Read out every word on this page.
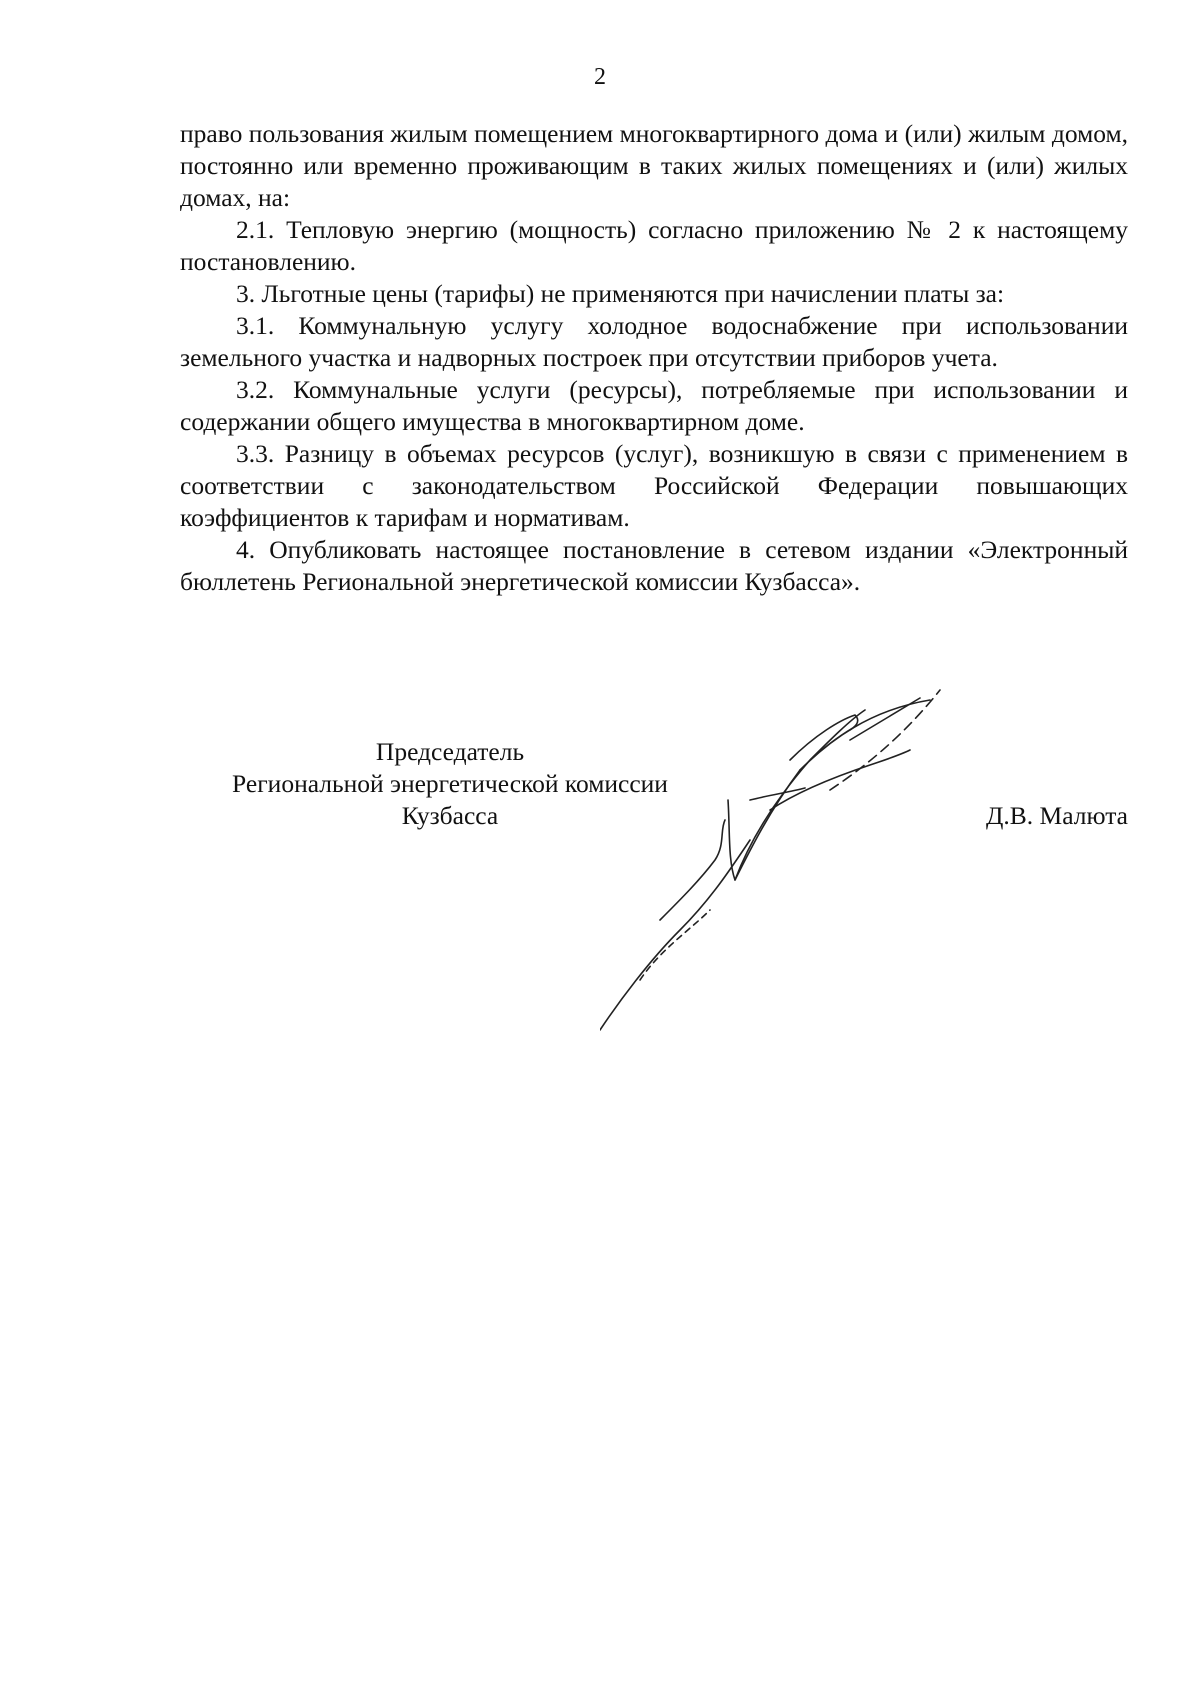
2

право пользования жилым помещением многоквартирного дома и (или) жилым домом, постоянно или временно проживающим в таких жилых помещениях и (или) жилых домах, на:

2.1. Тепловую энергию (мощность) согласно приложению № 2 к настоящему постановлению.

3. Льготные цены (тарифы) не применяются при начислении платы за:

3.1. Коммунальную услугу холодное водоснабжение при использовании земельного участка и надворных построек при отсутствии приборов учета.

3.2. Коммунальные услуги (ресурсы), потребляемые при использовании и содержании общего имущества в многоквартирном доме.

3.3. Разницу в объемах ресурсов (услуг), возникшую в связи с применением в соответствии с законодательством Российской Федерации повышающих коэффициентов к тарифам и нормативам.

4. Опубликовать настоящее постановление в сетевом издании «Электронный бюллетень Региональной энергетической комиссии Кузбасса».

Председатель
Региональной энергетической комиссии
Кузбасса	Д.В. Малюта
